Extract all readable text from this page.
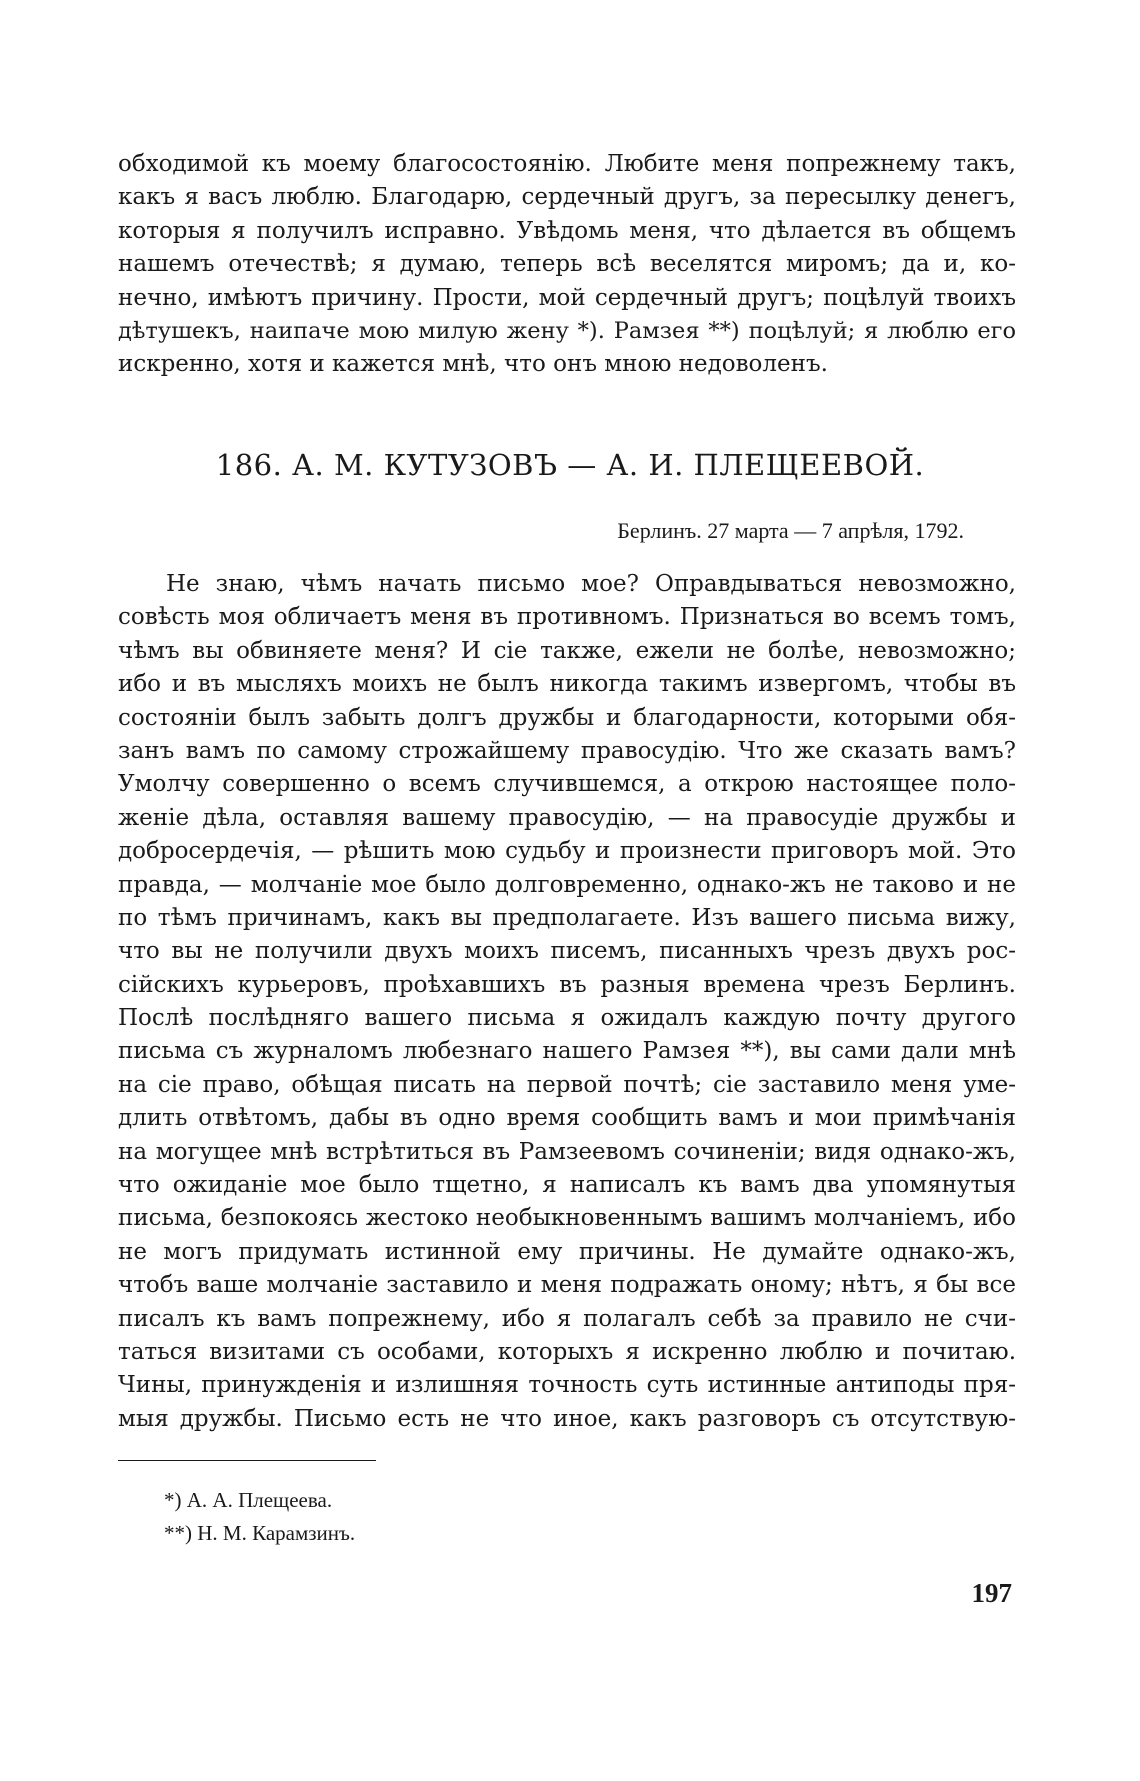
обходимой къ моему благосостоянію. Любите меня попрежнему такъ,
какъ я васъ люблю. Благодарю, сердечный другъ, за пересылку денегъ,
которыя я получилъ исправно. Увѣдомь меня, что дѣлается въ общемъ
нашемъ отечествѣ; я думаю, теперь всѣ веселятся миромъ; да и, ко-
нечно, имѣютъ причину. Прости, мой сердечный другъ; поцѣлуй твоихъ
дѣтушекъ, наипаче мою милую жену *). Рамзея **) поцѣлуй; я люблю его
искренно, хотя и кажется мнѣ, что онъ мною недоволенъ.
186. А. М. КУТУЗОВЪ — А. И. ПЛЕЩЕЕВОЙ.
Берлинъ. 27 марта — 7 апрѣля, 1792.
Не знаю, чѣмъ начать письмо мое? Оправдываться невозможно,
совѣсть моя обличаетъ меня въ противномъ. Признаться во всемъ томъ,
чѣмъ вы обвиняете меня? И сіе также, ежели не болѣе, невозможно;
ибо и въ мысляхъ моихъ не былъ никогда такимъ извергомъ, чтобы въ
состояніи былъ забыть долгъ дружбы и благодарности, которыми обя-
занъ вамъ по самому строжайшему правосудію. Что же сказать вамъ?
Умолчу совершенно о всемъ случившемся, а открою настоящее поло-
женіе дѣла, оставляя вашему правосудію, — на правосудіе дружбы и
добросердечія, — рѣшить мою судьбу и произнести приговоръ мой. Это
правда, — молчаніе мое было долговременно, однако-жъ не таково и не
по тѣмъ причинамъ, какъ вы предполагаете. Изъ вашего письма вижу,
что вы не получили двухъ моихъ писемъ, писанныхъ чрезъ двухъ рос-
сійскихъ курьеровъ, проѣхавшихъ въ разныя времена чрезъ Берлинъ.
Послѣ послѣдняго вашего письма я ожидалъ каждую почту другого
письма съ журналомъ любезнаго нашего Рамзея **), вы сами дали мнѣ
на сіе право, обѣщая писать на первой почтѣ; сіе заставило меня уме-
длить отвѣтомъ, дабы въ одно время сообщить вамъ и мои примѣчанія
на могущее мнѣ встрѣтиться въ Рамзеевомъ сочиненіи; видя однако-жъ,
что ожиданіе мое было тщетно, я написалъ къ вамъ два упомянутыя
письма, безпокоясь жестоко необыкновеннымъ вашимъ молчаніемъ, ибо
не могъ придумать истинной ему причины. Не думайте однако-жъ,
чтобъ ваше молчаніе заставило и меня подражать оному; нѣтъ, я бы все
писалъ къ вамъ попрежнему, ибо я полагалъ себѣ за правило не счи-
таться визитами съ особами, которыхъ я искренно люблю и почитаю.
Чины, принужденія и излишняя точность суть истинные антиподы пря-
мыя дружбы. Письмо есть не что иное, какъ разговоръ съ отсутствую-
*) А. А. Плещеева.
**) Н. М. Карамзинъ.
197
